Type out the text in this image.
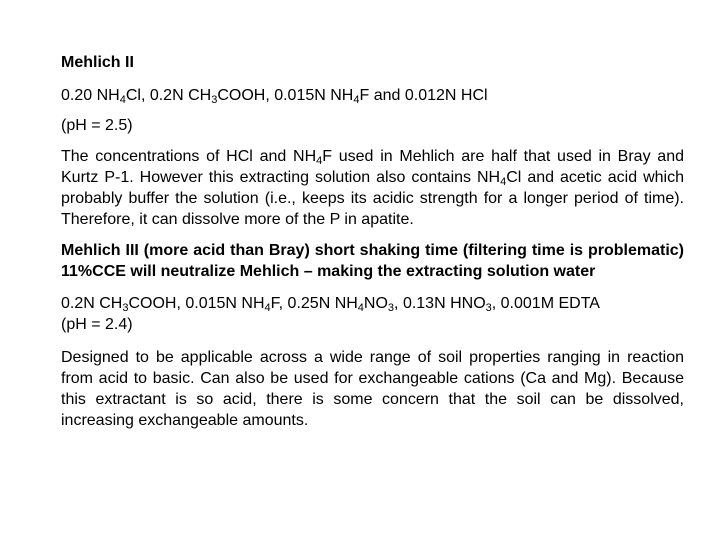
Mehlich II

0.20 $NH_4Cl$, 0.2N $CH_3COOH$, 0.015N $NH_4F$ and 0.012N HCl

(pH = 2.5)

The concentrations of HCl and $NH_4F$ used in Mehlich are half that used in Bray and Kurtz P-1. However this extracting solution also contains $NH_4Cl$ and acetic acid which probably buffer the solution (i.e., keeps its acidic strength for a longer period of time). Therefore, it can dissolve more of the P in apatite.

Mehlich III (more acid than Bray) short shaking time (filtering time is problematic) 11%CCE will neutralize Mehlich – making the extracting solution water

0.2N $CH_3COOH$, 0.015N $NH_4F$, 0.25N $NH_4NO_3$, 0.13N $HNO_3$, 0.001M EDTA
(pH = 2.4)

Designed to be applicable across a wide range of soil properties ranging in reaction from acid to basic. Can also be used for exchangeable cations (Ca and Mg). Because this extractant is so acid, there is some concern that the soil can be dissolved, increasing exchangeable amounts.
